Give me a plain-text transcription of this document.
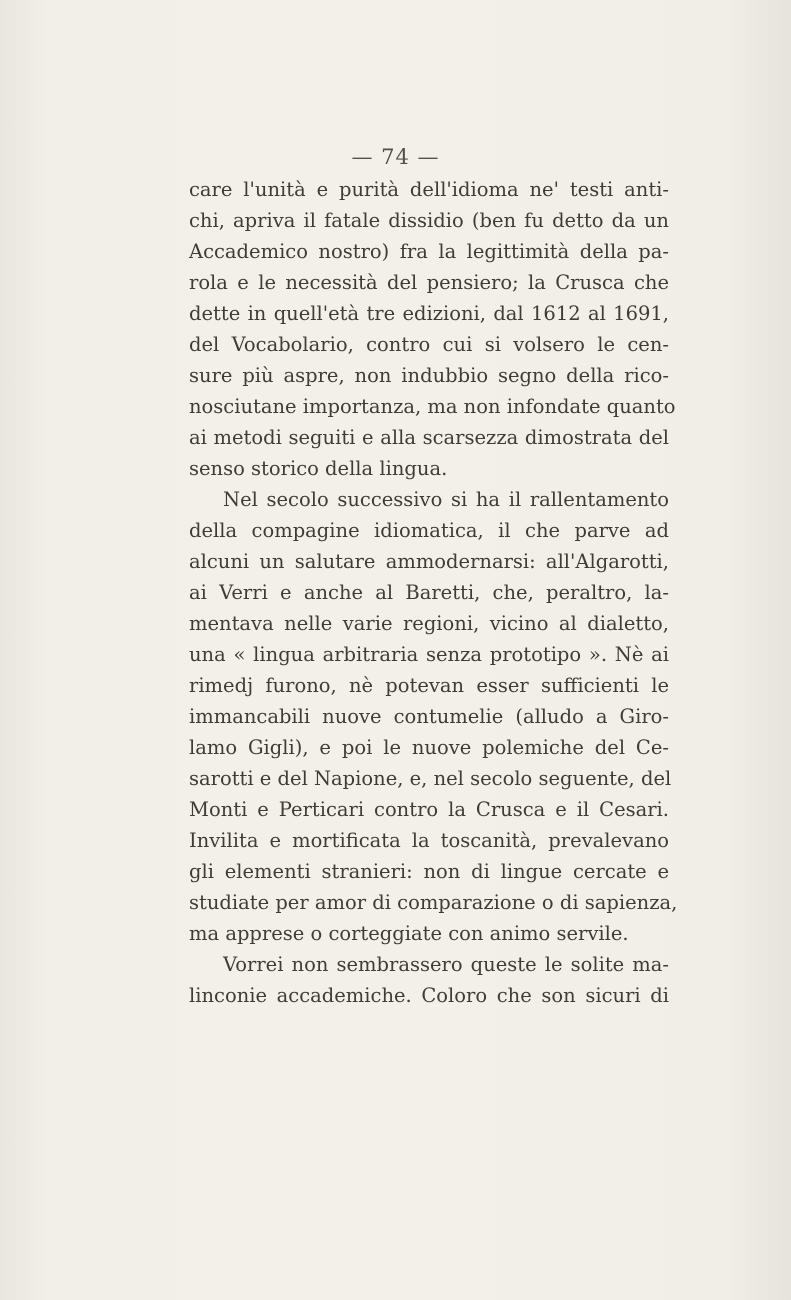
— 74 —
care l'unità e purità dell'idioma ne' testi anti-
chi, apriva il fatale dissidio (ben fu detto da un
Accademico nostro) fra la legittimità della pa-
rola e le necessità del pensiero; la Crusca che
dette in quell'età tre edizioni, dal 1612 al 1691,
del Vocabolario, contro cui si volsero le cen-
sure più aspre, non indubbio segno della rico-
nosciutane importanza, ma non infondate quanto
ai metodi seguiti e alla scarsezza dimostrata del
senso storico della lingua.
Nel secolo successivo si ha il rallentamento
della compagine idiomatica, il che parve ad
alcuni un salutare ammodernarsi: all'Algarotti,
ai Verri e anche al Baretti, che, peraltro, la-
mentava nelle varie regioni, vicino al dialetto,
una « lingua arbitraria senza prototipo ». Nè ai
rimedj furono, nè potevan esser sufficienti le
immancabili nuove contumelie (alludo a Giro-
lamo Gigli), e poi le nuove polemiche del Ce-
sarotti e del Napione, e, nel secolo seguente, del
Monti e Perticari contro la Crusca e il Cesari.
Invilita e mortificata la toscanità, prevalevano
gli elementi stranieri: non di lingue cercate e
studiate per amor di comparazione o di sapienza,
ma apprese o corteggiate con animo servile.
Vorrei non sembrassero queste le solite ma-
linconie accademiche. Coloro che son sicuri di
